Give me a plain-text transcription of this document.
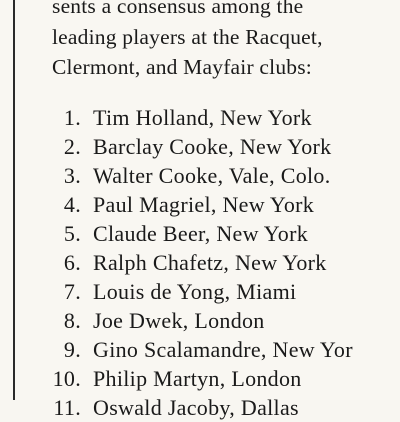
sents a consensus among the
leading players at the Racquet,
Clermont, and Mayfair clubs:

1. Tim Holland, New York
2. Barclay Cooke, New York
3. Walter Cooke, Vale, Colo.
4. Paul Magriel, New York
5. Claude Beer, New York
6. Ralph Chafetz, New York
7. Louis de Yong, Miami
8. Joe Dwek, London
9. Gino Scalamandre, New Yor
10. Philip Martyn, London
11. Oswald Jacoby, Dallas
